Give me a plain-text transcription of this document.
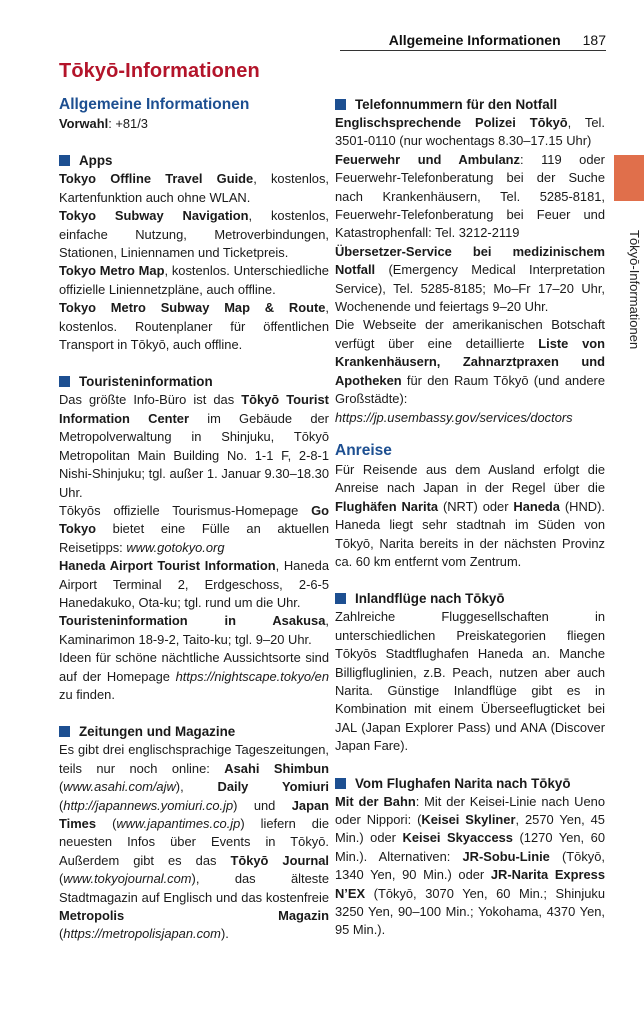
Allgemeine Informationen 187
Tōkyō-Informationen
Tōkyō-Informationen
Allgemeine Informationen

Vorwahl: +81/3

Apps

Tokyo Offline Travel Guide, kostenlos, Kartenfunktion auch ohne WLAN.

Tokyo Subway Navigation, kostenlos, einfache Nutzung, Metroverbindungen, Stationen, Liniennamen und Ticketpreis.

Tokyo Metro Map, kostenlos. Unterschiedliche offizielle Liniennetzpläne, auch offline.

Tokyo Metro Subway Map & Route, kostenlos. Routenplaner für öffentlichen Transport in Tōkyō, auch offline.

Touristeninformation

Das größte Info-Büro ist das Tōkyō Tourist Information Center im Gebäude der Metropolverwaltung in Shinjuku, Tōkyō Metropolitan Main Building No. 1-1 F, 2-8-1 Nishi-Shinjuku; tgl. außer 1. Januar 9.30–18.30 Uhr.

Tōkyōs offizielle Tourismus-Homepage Go Tokyo bietet eine Fülle an aktuellen Reisetipps: www.gotokyo.org

Haneda Airport Tourist Information, Haneda Airport Terminal 2, Erdgeschoss, 2-6-5 Hanedakuko, Ota-ku; tgl. rund um die Uhr.

Touristeninformation in Asakusa, Kaminarimon 18-9-2, Taito-ku; tgl. 9–20 Uhr.

Ideen für schöne nächtliche Aussichtsorte sind auf der Homepage https://nightscape.tokyo/en zu finden.

Zeitungen und Magazine

Es gibt drei englischsprachige Tageszeitungen, teils nur noch online: Asahi Shimbun (www.asahi.com/ajw), Daily Yomiuri (http://japannews.yomiuri.co.jp) und Japan Times (www.japantimes.co.jp) liefern die neuesten Infos über Events in Tōkyō. Außerdem gibt es das Tōkyō Journal (www.tokyojournal.com), das älteste Stadtmagazin auf Englisch und das kostenfreie Metropolis Magazin (https://metropolisjapan.com).

Telefonnummern für den Notfall

Englischsprechende Polizei Tōkyō, Tel. 3501-0110 (nur wochentags 8.30–17.15 Uhr)

Feuerwehr und Ambulanz: 119 oder Feuerwehr-Telefonberatung bei der Suche nach Krankenhäusern, Tel. 5285-8181, Feuerwehr-Telefonberatung bei Feuer und Katastrophenfall: Tel. 3212-2119

Übersetzer-Service bei medizinischem Notfall (Emergency Medical Interpretation Service), Tel. 5285-8185; Mo–Fr 17–20 Uhr, Wochenende und feiertags 9–20 Uhr.

Die Webseite der amerikanischen Botschaft verfügt über eine detaillierte Liste von Krankenhäusern, Zahnarztpraxen und Apotheken für den Raum Tōkyō (und andere Großstädte): https://jp.usembassy.gov/services/doctors

Anreise

Für Reisende aus dem Ausland erfolgt die Anreise nach Japan in der Regel über die Flughäfen Narita (NRT) oder Haneda (HND). Haneda liegt sehr stadtnah im Süden von Tōkyō, Narita bereits in der nächsten Provinz ca. 60 km entfernt vom Zentrum.

Inlandflüge nach Tōkyō

Zahlreiche Fluggesellschaften in unterschiedlichen Preiskategorien fliegen Tōkyōs Stadtflughafen Haneda an. Manche Billigfluglinien, z.B. Peach, nutzen aber auch Narita. Günstige Inlandflüge gibt es in Kombination mit einem Überseeflugticket bei JAL (Japan Explorer Pass) und ANA (Discover Japan Fare).

Vom Flughafen Narita nach Tōkyō

Mit der Bahn: Mit der Keisei-Linie nach Ueno oder Nippori: (Keisei Skyliner, 2570 Yen, 45 Min.) oder Keisei Skyaccess (1270 Yen, 60 Min.). Alternativen: JR-Sobu-Linie (Tōkyō, 1340 Yen, 90 Min.) oder JR-Narita Express N’EX (Tōkyō, 3070 Yen, 60 Min.; Shinjuku 3250 Yen, 90–100 Min.; Yokohama, 4370 Yen, 95 Min.).
